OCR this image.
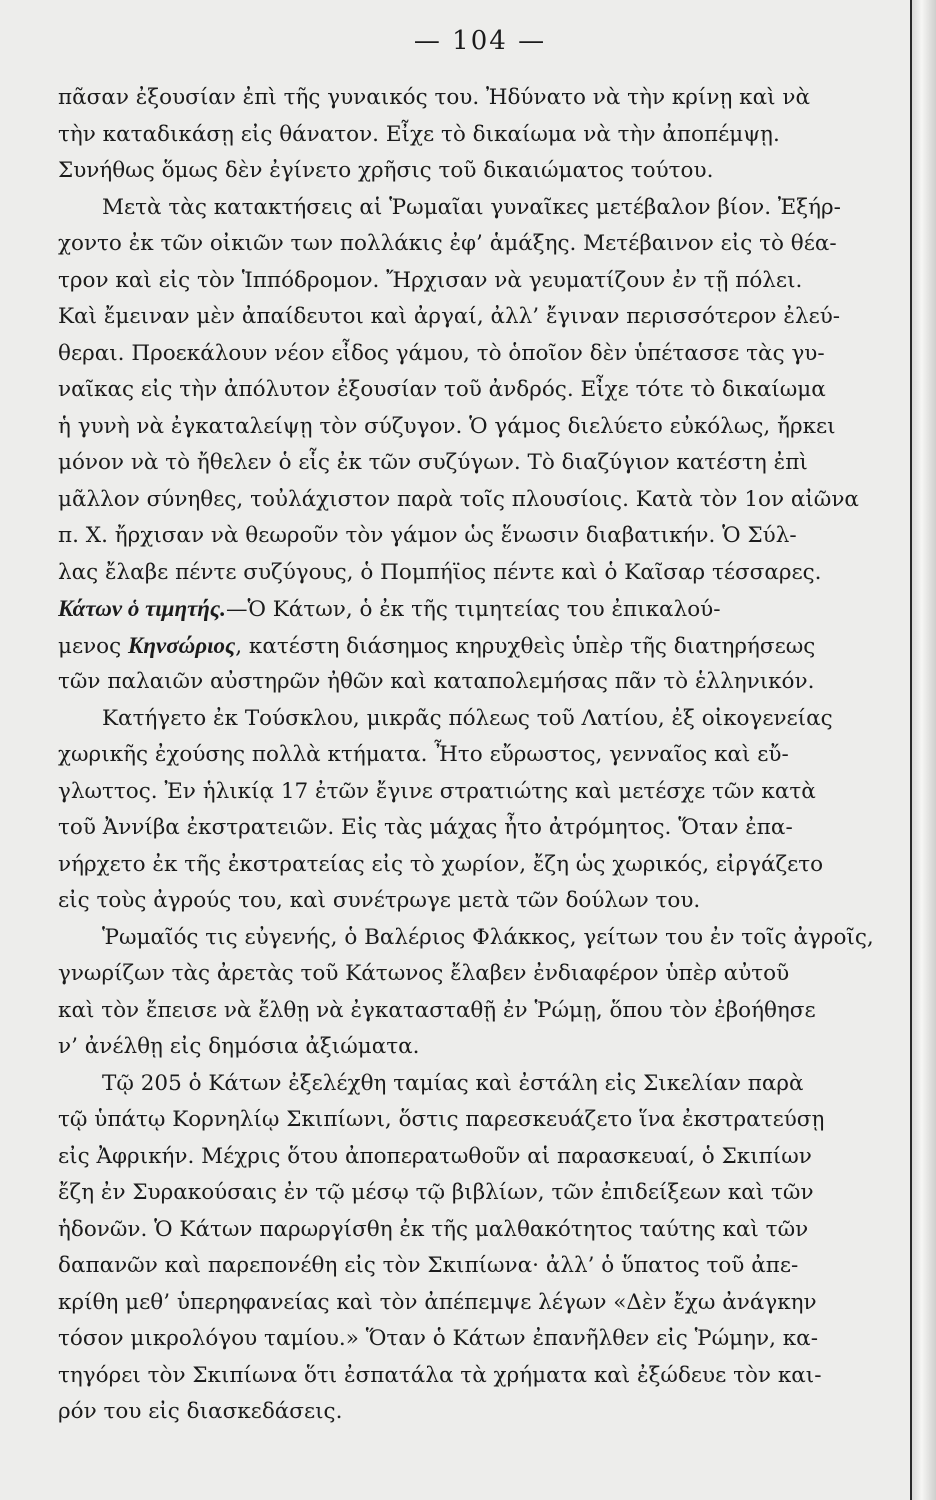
— 104 —
πᾶσαν ἐξουσίαν ἐπὶ τῆς γυναικός του. Ἠδύνατο νὰ τὴν κρίνῃ καὶ νὰ
τὴν καταδικάσῃ εἰς θάνατον. Εἶχε τὸ δικαίωμα νὰ τὴν ἀποπέμψῃ.
Συνήθως ὅμως δὲν ἐγίνετο χρῆσις τοῦ δικαιώματος τούτου.
Μετὰ τὰς κατακτήσεις αἱ Ῥωμαῖαι γυναῖκες μετέβαλον βίον. Ἐξήρ-
χοντο ἐκ τῶν οἰκιῶν των πολλάκις ἐφ’ ἁμάξης. Μετέβαινον εἰς τὸ θέα-
τρον καὶ εἰς τὸν Ἱππόδρομον. Ἤρχισαν νὰ γευματίζουν ἐν τῇ πόλει.
Καὶ ἔμειναν μὲν ἀπαίδευτοι καὶ ἀργαί, ἀλλ’ ἔγιναν περισσότερον ἐλεύ-
θεραι. Προεκάλουν νέον εἶδος γάμου, τὸ ὁποῖον δὲν ὑπέτασσε τὰς γυ-
ναῖκας εἰς τὴν ἀπόλυτον ἐξουσίαν τοῦ ἀνδρός. Εἶχε τότε τὸ δικαίωμα
ἡ γυνὴ νὰ ἐγκαταλείψῃ τὸν σύζυγον. Ὁ γάμος διελύετο εὐκόλως, ἤρκει
μόνον νὰ τὸ ἤθελεν ὁ εἷς ἐκ τῶν συζύγων. Τὸ διαζύγιον κατέστη ἐπὶ
μᾶλλον σύνηθες, τοὐλάχιστον παρὰ τοῖς πλουσίοις. Κατὰ τὸν 1ον αἰῶνα
π. Χ. ἤρχισαν νὰ θεωροῦν τὸν γάμον ὡς ἕνωσιν διαβατικήν. Ὁ Σύλ-
λας ἔλαβε πέντε συζύγους, ὁ Πομπήϊος πέντε καὶ ὁ Καῖσαρ τέσσαρες.
Κάτων ὁ τιμητής.—Ὁ Κάτων, ὁ ἐκ τῆς τιμητείας του ἐπικαλού-
μενος Κηνσώριος, κατέστη διάσημος κηρυχθεὶς ὑπὲρ τῆς διατηρήσεως
τῶν παλαιῶν αὐστηρῶν ἠθῶν καὶ καταπολεμήσας πᾶν τὸ ἑλληνικόν.
Κατήγετο ἐκ Τούσκλου, μικρᾶς πόλεως τοῦ Λατίου, ἐξ οἰκογενείας
χωρικῆς ἐχούσης πολλὰ κτήματα. Ἦτο εὔρωστος, γενναῖος καὶ εὔ-
γλωττος. Ἐν ἡλικίᾳ 17 ἐτῶν ἔγινε στρατιώτης καὶ μετέσχε τῶν κατὰ
τοῦ Ἀννίβα ἐκστρατειῶν. Εἰς τὰς μάχας ἦτο ἀτρόμητος. Ὅταν ἐπα-
νήρχετο ἐκ τῆς ἐκστρατείας εἰς τὸ χωρίον, ἔζη ὡς χωρικός, εἰργάζετο
εἰς τοὺς ἀγρούς του, καὶ συνέτρωγε μετὰ τῶν δούλων του.
Ῥωμαῖός τις εὐγενής, ὁ Βαλέριος Φλάκκος, γείτων του ἐν τοῖς ἀγροῖς,
γνωρίζων τὰς ἀρετὰς τοῦ Κάτωνος ἔλαβεν ἐνδιαφέρον ὑπὲρ αὐτοῦ
καὶ τὸν ἔπεισε νὰ ἔλθῃ νὰ ἐγκατασταθῇ ἐν Ῥώμῃ, ὅπου τὸν ἐβοήθησε
ν’ ἀνέλθῃ εἰς δημόσια ἀξιώματα.
Τῷ 205 ὁ Κάτων ἐξελέχθη ταμίας καὶ ἐστάλη εἰς Σικελίαν παρὰ
τῷ ὑπάτῳ Κορνηλίῳ Σκιπίωνι, ὅστις παρεσκευάζετο ἵνα ἐκστρατεύσῃ
εἰς Ἀφρικήν. Μέχρις ὅτου ἀποπερατωθοῦν αἱ παρασκευαί, ὁ Σκιπίων
ἔζη ἐν Συρακούσαις ἐν τῷ μέσῳ τῷ βιβλίων, τῶν ἐπιδείξεων καὶ τῶν
ἡδονῶν. Ὁ Κάτων παρωργίσθη ἐκ τῆς μαλθακότητος ταύτης καὶ τῶν
δαπανῶν καὶ παρεπονέθη εἰς τὸν Σκιπίωνα· ἀλλ’ ὁ ὕπατος τοῦ ἀπε-
κρίθη μεθ’ ὑπερηφανείας καὶ τὸν ἀπέπεμψε λέγων «Δὲν ἔχω ἀνάγκην
τόσον μικρολόγου ταμίου.» Ὅταν ὁ Κάτων ἐπανῆλθεν εἰς Ῥώμην, κα-
τηγόρει τὸν Σκιπίωνα ὅτι ἐσπατάλα τὰ χρήματα καὶ ἐξώδευε τὸν και-
ρόν του εἰς διασκεδάσεις.
